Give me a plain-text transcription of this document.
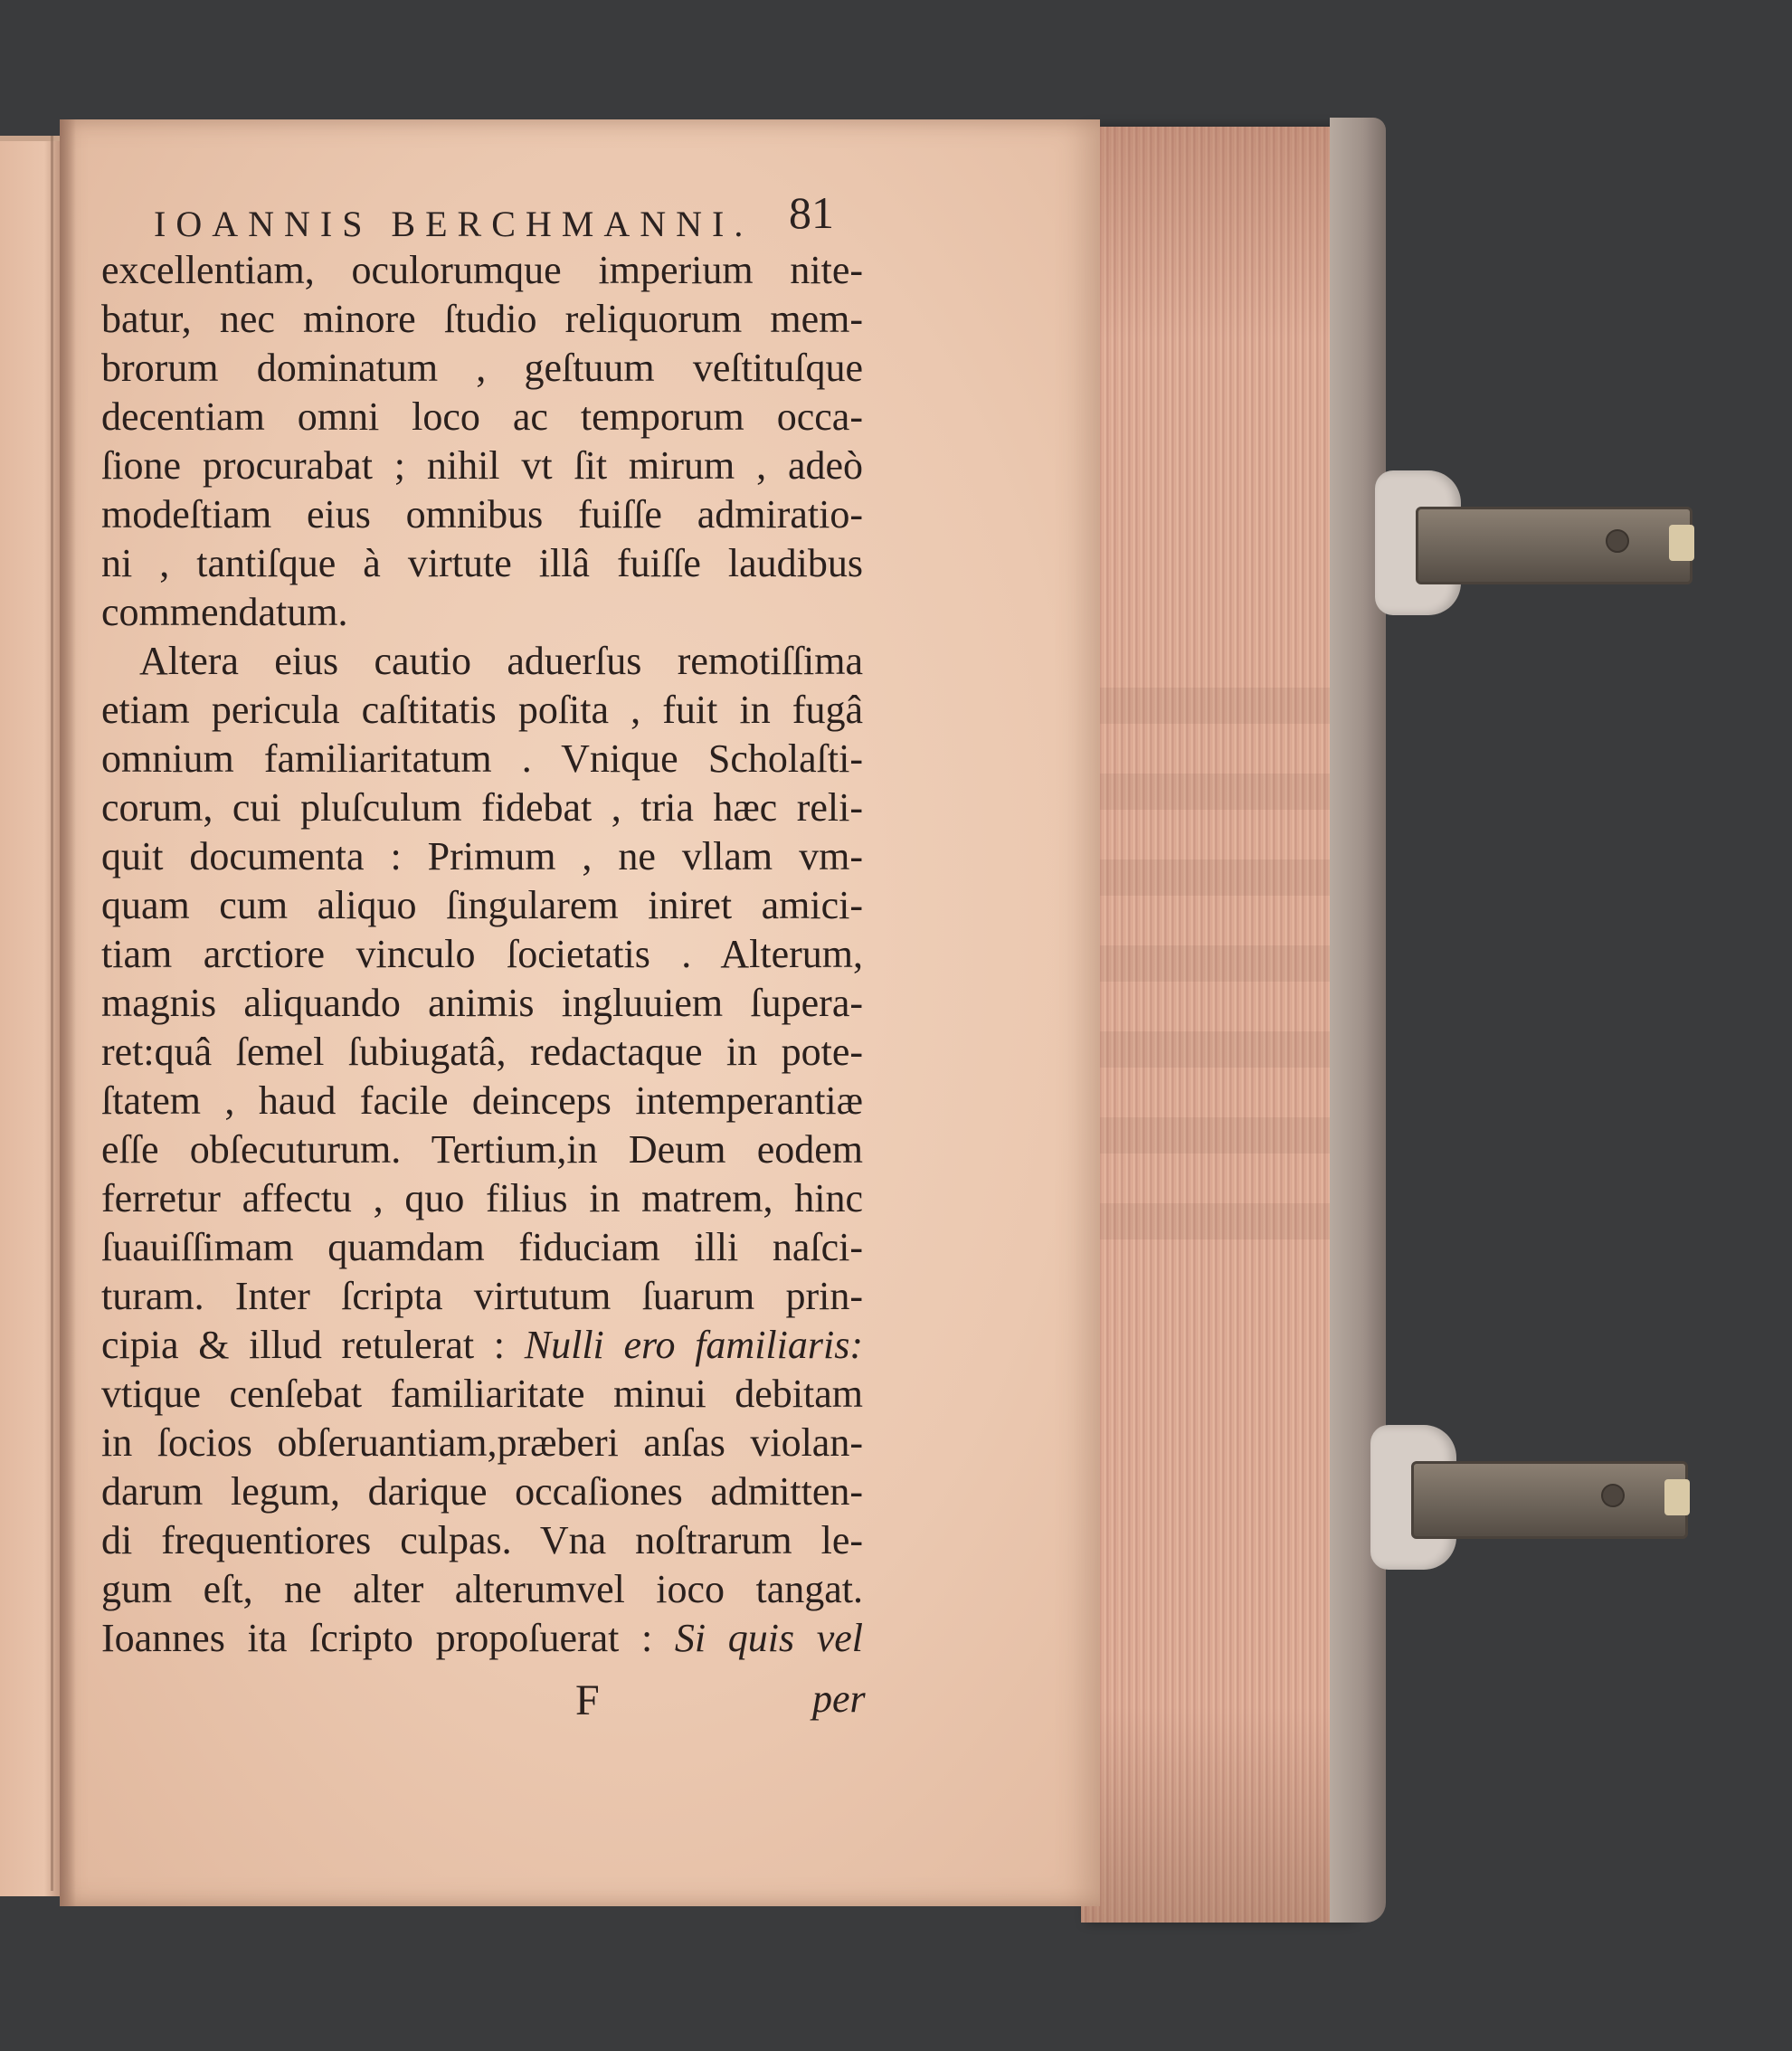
IOANNIS BERCHMANNI. 81
excellentiam, oculorumque imperium nite-
batur, nec minore ſtudio reliquorum mem-
brorum dominatum , geſtuum veſtituſque
decentiam omni loco ac temporum occa-
ſione procurabat ; nihil vt ſit mirum , adeò
modeſtiam eius omnibus fuiſſe admiratio-
ni , tantiſque à virtute illâ fuiſſe laudibus
commendatum.
Altera eius cautio aduerſus remotiſſima
etiam pericula caſtitatis poſita , fuit in fugâ
omnium familiaritatum . Vnique Scholaſti-
corum, cui pluſculum fidebat , tria hæc reli-
quit documenta : Primum , ne vllam vm-
quam cum aliquo ſingularem iniret amici-
tiam arctiore vinculo ſocietatis . Alterum,
magnis aliquando animis ingluuiem ſupera-
ret:quâ ſemel ſubiugatâ, redactaque in pote-
ſtatem , haud facile deinceps intemperantiæ
eſſe obſecuturum. Tertium,in Deum eodem
ferretur affectu , quo filius in matrem, hinc
ſuauiſſimam quamdam fiduciam illi naſci-
turam. Inter ſcripta virtutum ſuarum prin-
cipia & illud retulerat : Nulli ero familiaris:
vtique cenſebat familiaritate minui debitam
in ſocios obſeruantiam,præberi anſas violan-
darum legum, darique occaſiones admitten-
di frequentiores culpas. Vna noſtrarum le-
gum eſt, ne alter alterumvel ioco tangat.
Ioannes ita ſcripto propoſuerat : Si quis vel
F	per
